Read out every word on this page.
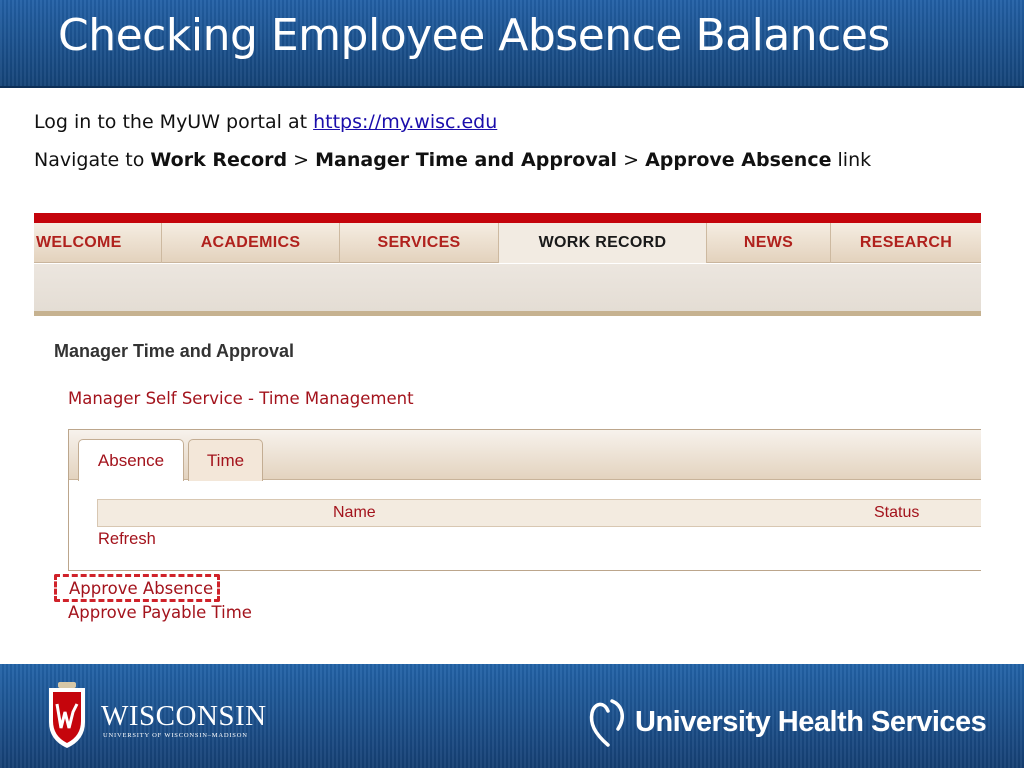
Checking Employee Absence Balances
Log in to the MyUW portal at https://my.wisc.edu
Navigate to Work Record > Manager Time and Approval > Approve Absence link
WELCOME	ACADEMICS	SERVICES	WORK RECORD	NEWS	RESEARCH
Manager Time and Approval
Manager Self Service - Time Management
Absence	Time
Name	Status
Refresh
Approve Absence
Approve Payable Time
WISCONSIN
UNIVERSITY OF WISCONSIN–MADISON	University Health Services
